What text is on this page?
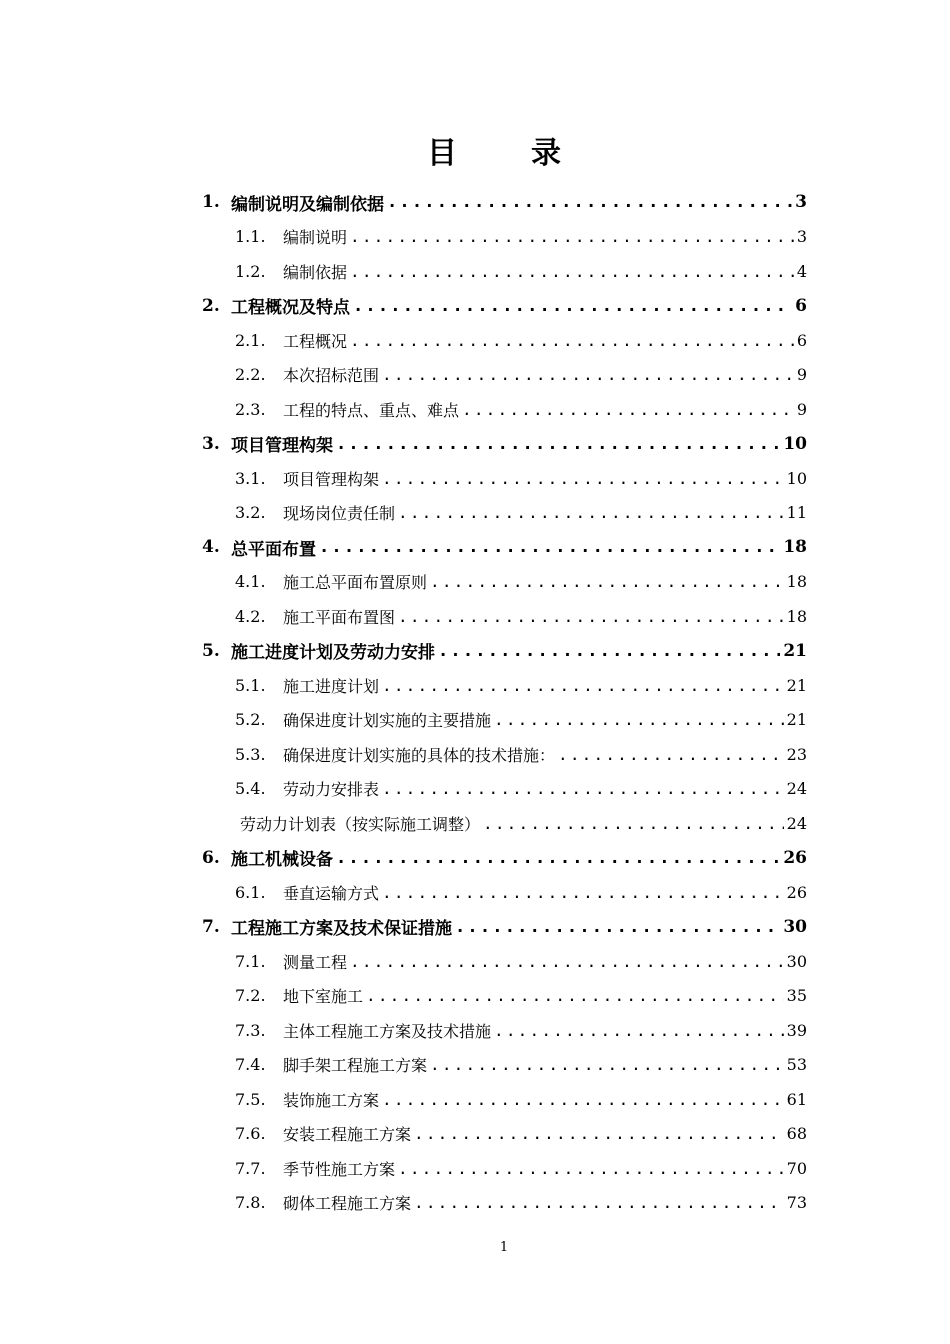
目　录
1. 编制说明及编制依据 .....	3
1.1.	编制说明 .....	3
1.2.	编制依据 .....	4
2. 工程概况及特点 .....	6
2.1.	工程概况 .....	6
2.2.	本次招标范围 .....	9
2.3.	工程的特点、重点、难点 .....	9
3. 项目管理构架 .....	10
3.1.	项目管理构架 .....	10
3.2.	现场岗位责任制 .....	11
4. 总平面布置 .....	18
4.1.	施工总平面布置原则 .....	18
4.2.	施工平面布置图 .....	18
5. 施工进度计划及劳动力安排 .....	21
5.1.	施工进度计划 .....	21
5.2.	确保进度计划实施的主要措施 .....	21
5.3.	确保进度计划实施的具体的技术措施： .....	23
5.4.	劳动力安排表 .....	24
劳动力计划表（按实际施工调整） .....	24
6. 施工机械设备 .....	26
6.1.	垂直运输方式 .....	26
7. 工程施工方案及技术保证措施 .....	30
7.1.	测量工程 .....	30
7.2.	地下室施工 .....	35
7.3.	主体工程施工方案及技术措施 .....	39
7.4.	脚手架工程施工方案 .....	53
7.5.	装饰施工方案 .....	61
7.6.	安装工程施工方案 .....	68
7.7.	季节性施工方案 .....	70
7.8.	砌体工程施工方案 .....	73
1
